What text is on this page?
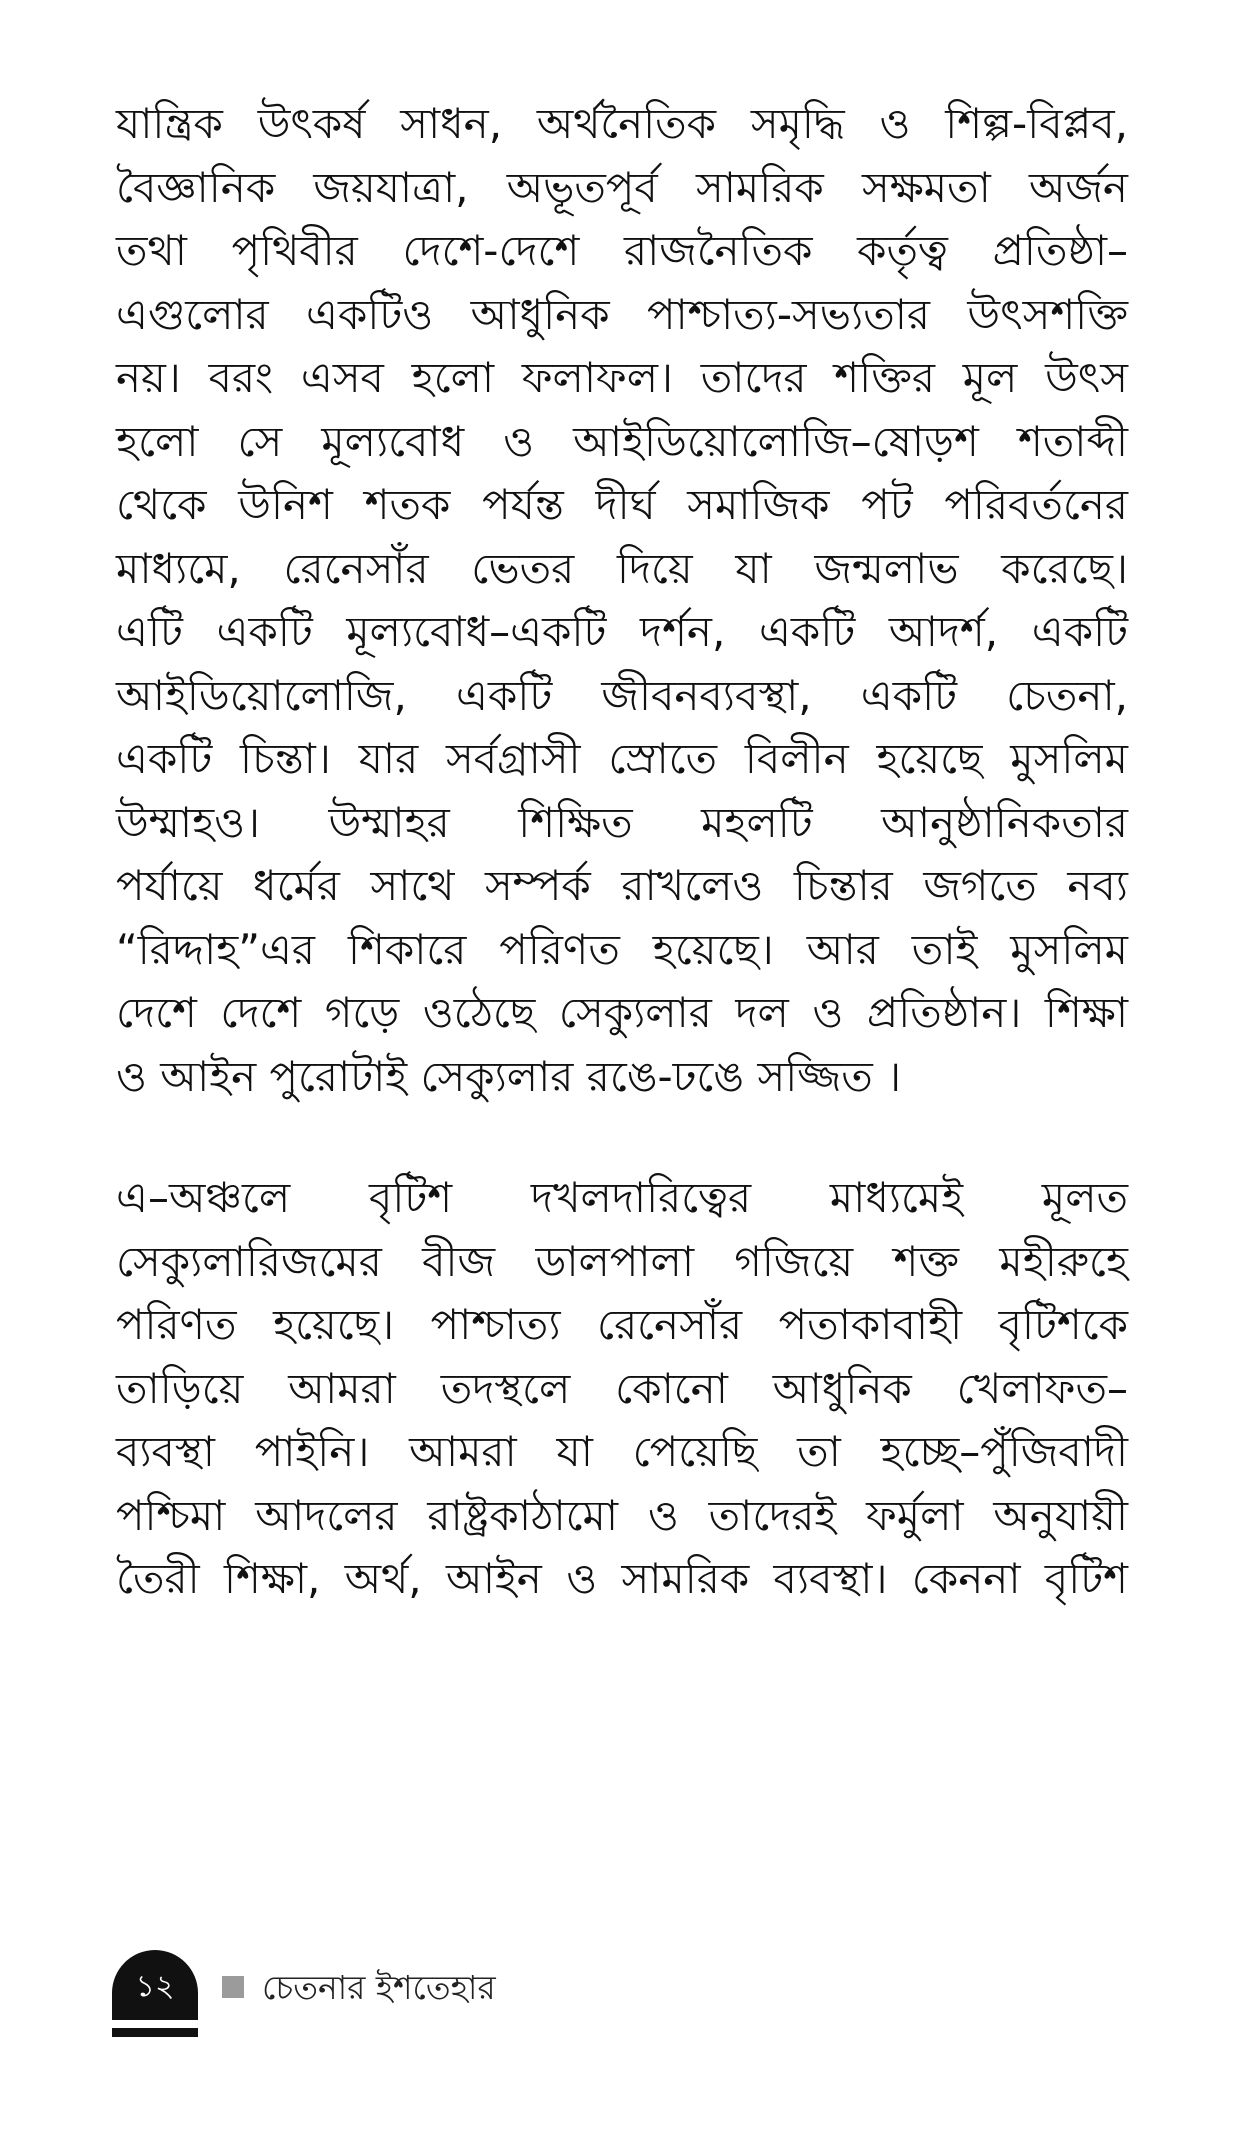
যান্ত্রিক উৎকর্ষ সাধন, অর্থনৈতিক সমৃদ্ধি ও শিল্প-বিপ্লব,
বৈজ্ঞানিক জয়যাত্রা, অভূতপূর্ব সামরিক সক্ষমতা অর্জন
তথা পৃথিবীর দেশে-দেশে রাজনৈতিক কর্তৃত্ব প্রতিষ্ঠা–
এগুলোর একটিও আধুনিক পাশ্চাত্য-সভ্যতার উৎসশক্তি
নয়। বরং এসব হলো ফলাফল। তাদের শক্তির মূল উৎস
হলো সে মূল্যবোধ ও আইডিয়োলোজি–ষোড়শ শতাব্দী
থেকে উনিশ শতক পর্যন্ত দীর্ঘ সমাজিক পট পরিবর্তনের
মাধ্যমে, রেনেসাঁর ভেতর দিয়ে যা জন্মলাভ করেছে।
এটি একটি মূল্যবোধ–একটি দর্শন, একটি আদর্শ, একটি
আইডিয়োলোজি, একটি জীবনব্যবস্থা, একটি চেতনা,
একটি চিন্তা। যার সর্বগ্রাসী স্রোতে বিলীন হয়েছে মুসলিম
উম্মাহও। উম্মাহর শিক্ষিত মহলটি আনুষ্ঠানিকতার
পর্যায়ে ধর্মের সাথে সম্পর্ক রাখলেও চিন্তার জগতে নব্য
“রিদ্দাহ”এর শিকারে পরিণত হয়েছে। আর তাই মুসলিম
দেশে দেশে গড়ে ওঠেছে সেক্যুলার দল ও প্রতিষ্ঠান। শিক্ষা
ও আইন পুরোটাই সেক্যুলার রঙে-ঢঙে সজ্জিত ।
এ–অঞ্চলে বৃটিশ দখলদারিত্বের মাধ্যমেই মূলত
সেক্যুলারিজমের বীজ ডালপালা গজিয়ে শক্ত মহীরুহে
পরিণত হয়েছে। পাশ্চাত্য রেনেসাঁর পতাকাবাহী বৃটিশকে
তাড়িয়ে আমরা তদস্থলে কোনো আধুনিক খেলাফত–
ব্যবস্থা পাইনি। আমরা যা পেয়েছি তা হচ্ছে–পুঁজিবাদী
পশ্চিমা আদলের রাষ্ট্রকাঠামো ও তাদেরই ফর্মুলা অনুযায়ী
তৈরী শিক্ষা, অর্থ, আইন ও সামরিক ব্যবস্থা। কেননা বৃটিশ
১২	চেতনার ইশতেহার
